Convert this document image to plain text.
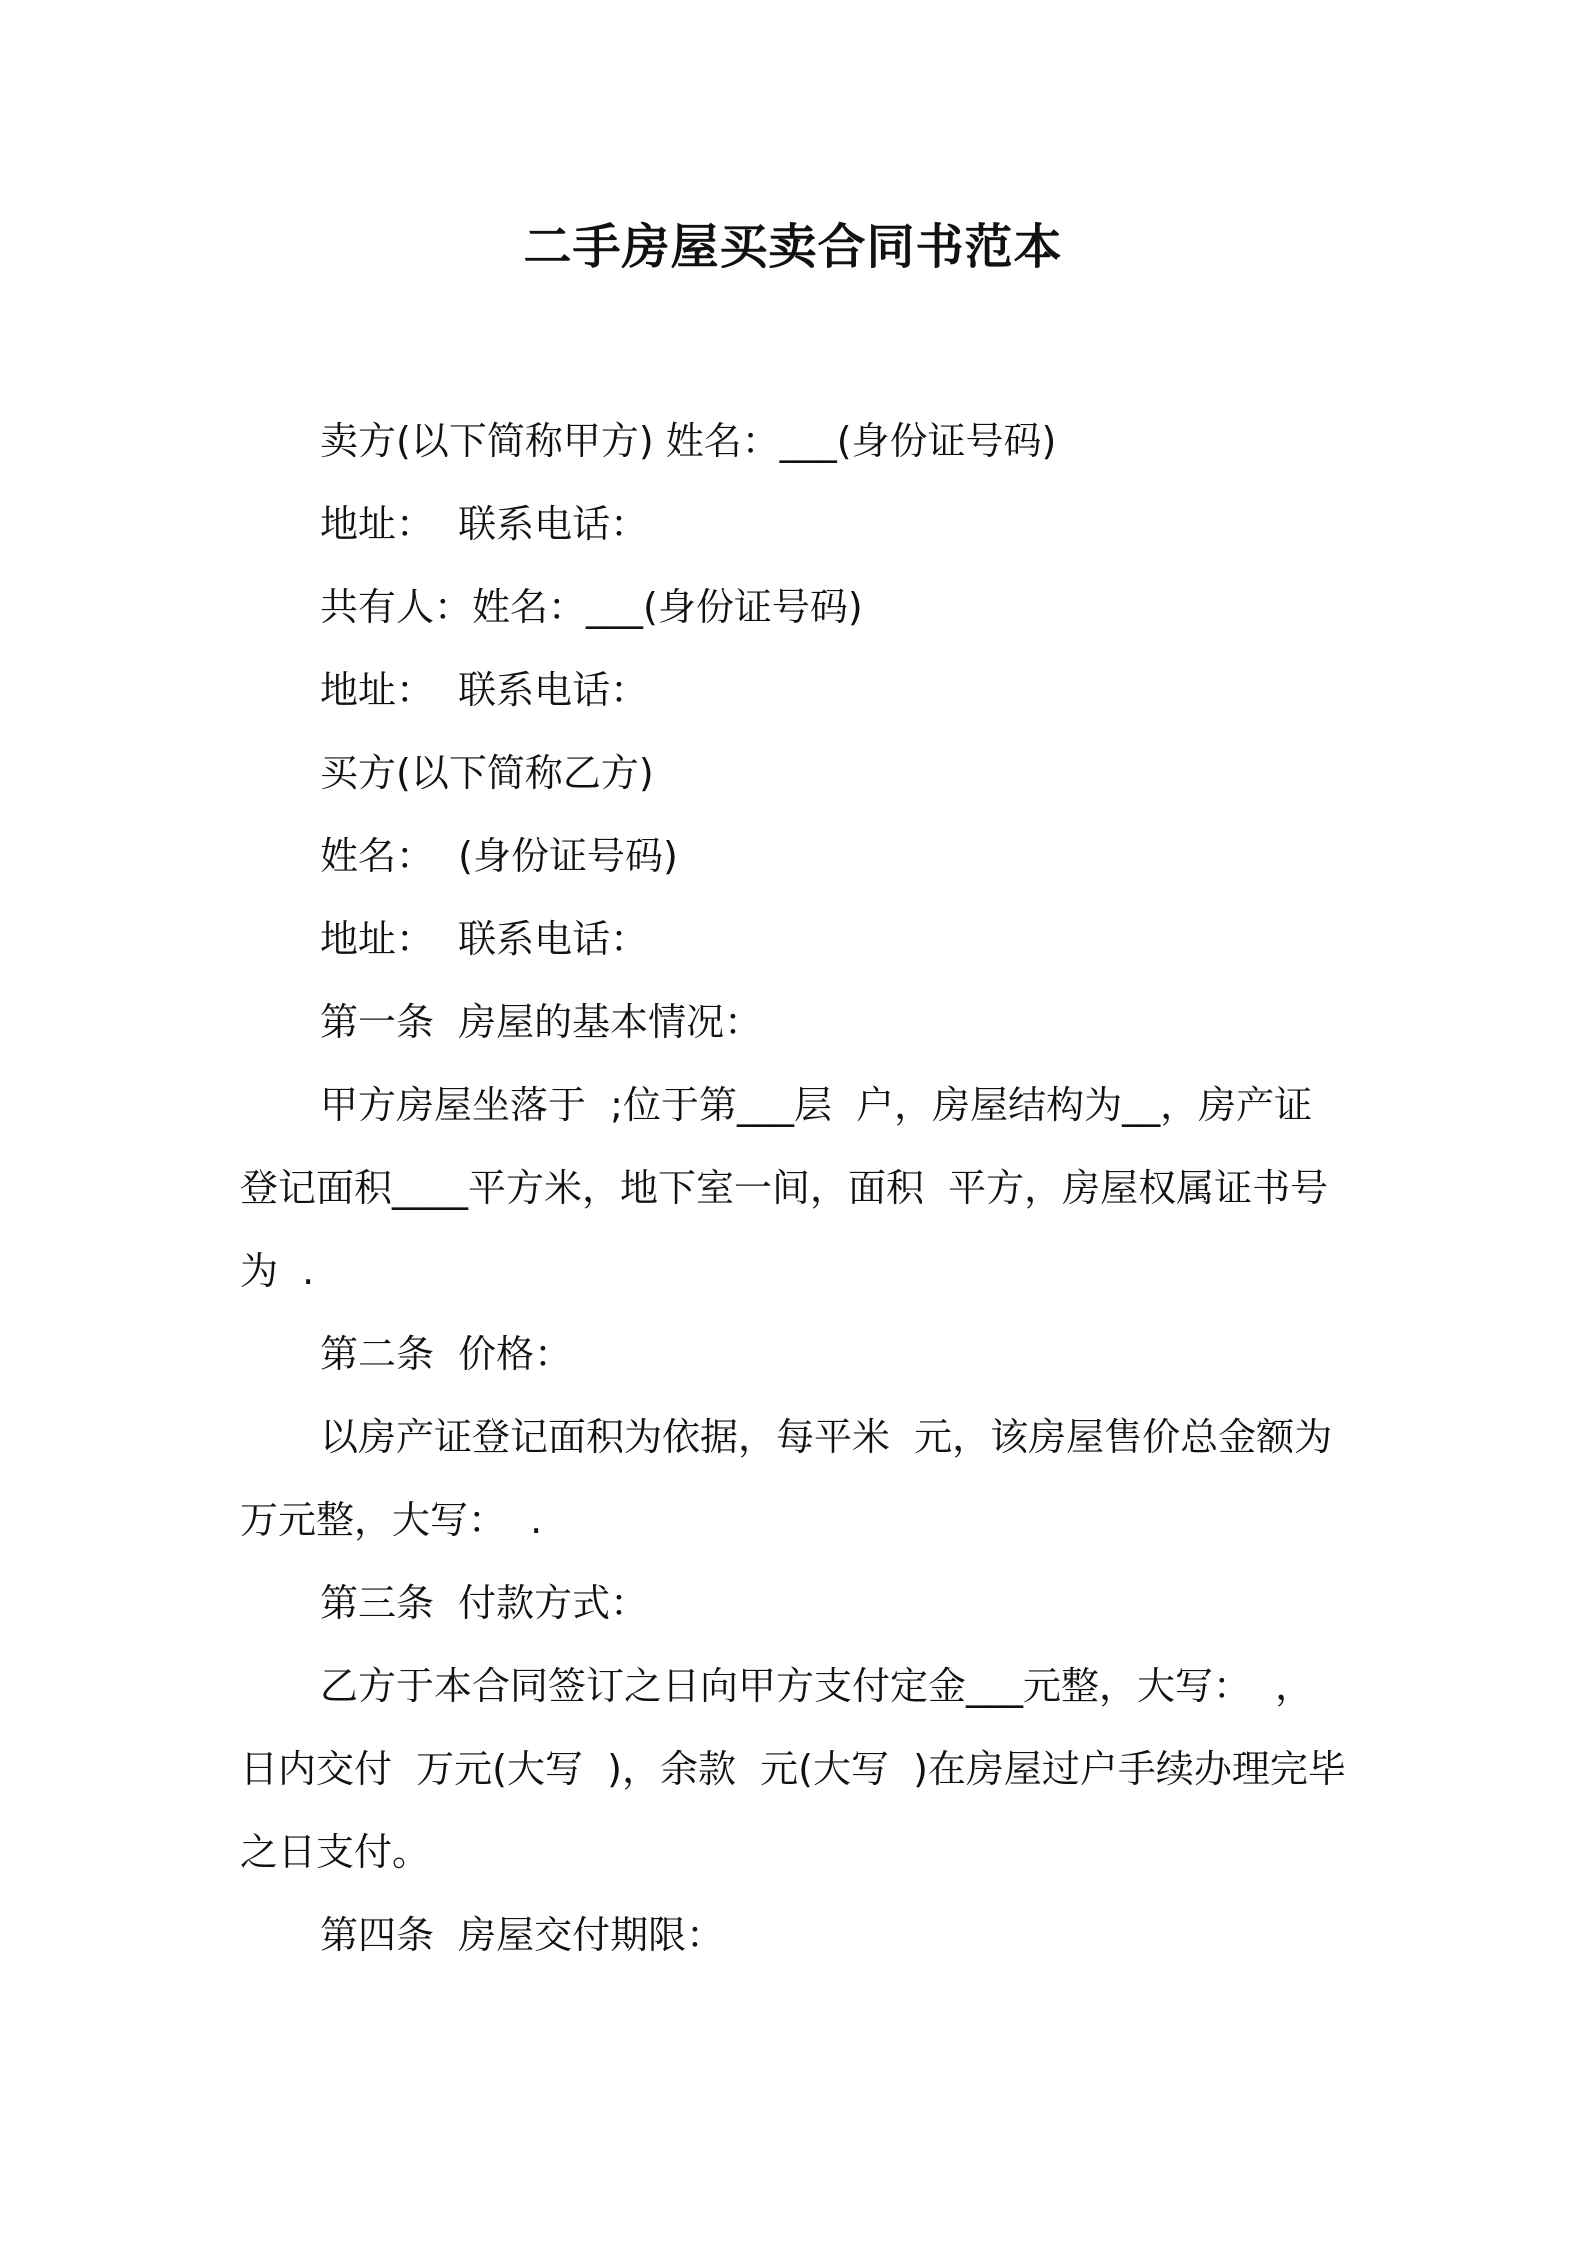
二手房屋买卖合同书范本

卖方(以下简称甲方) 姓名：___(身份证号码)

地址：  联系电话：

共有人：姓名：___(身份证号码)

地址：  联系电话：

买方(以下简称乙方)

姓名：  (身份证号码)

地址：  联系电话：

第一条  房屋的基本情况：

甲方房屋坐落于  ;位于第___层  户，房屋结构为__，房产证登记面积____平方米，地下室一间，面积  平方，房屋权属证书号为  .

第二条  价格：

以房产证登记面积为依据，每平米  元，该房屋售价总金额为  万元整，大写：  .

第三条  付款方式：

乙方于本合同签订之日向甲方支付定金___元整，大写：  ，  日内交付  万元(大写  )，余款  元(大写  )在房屋过户手续办理完毕之日支付。

第四条  房屋交付期限：
